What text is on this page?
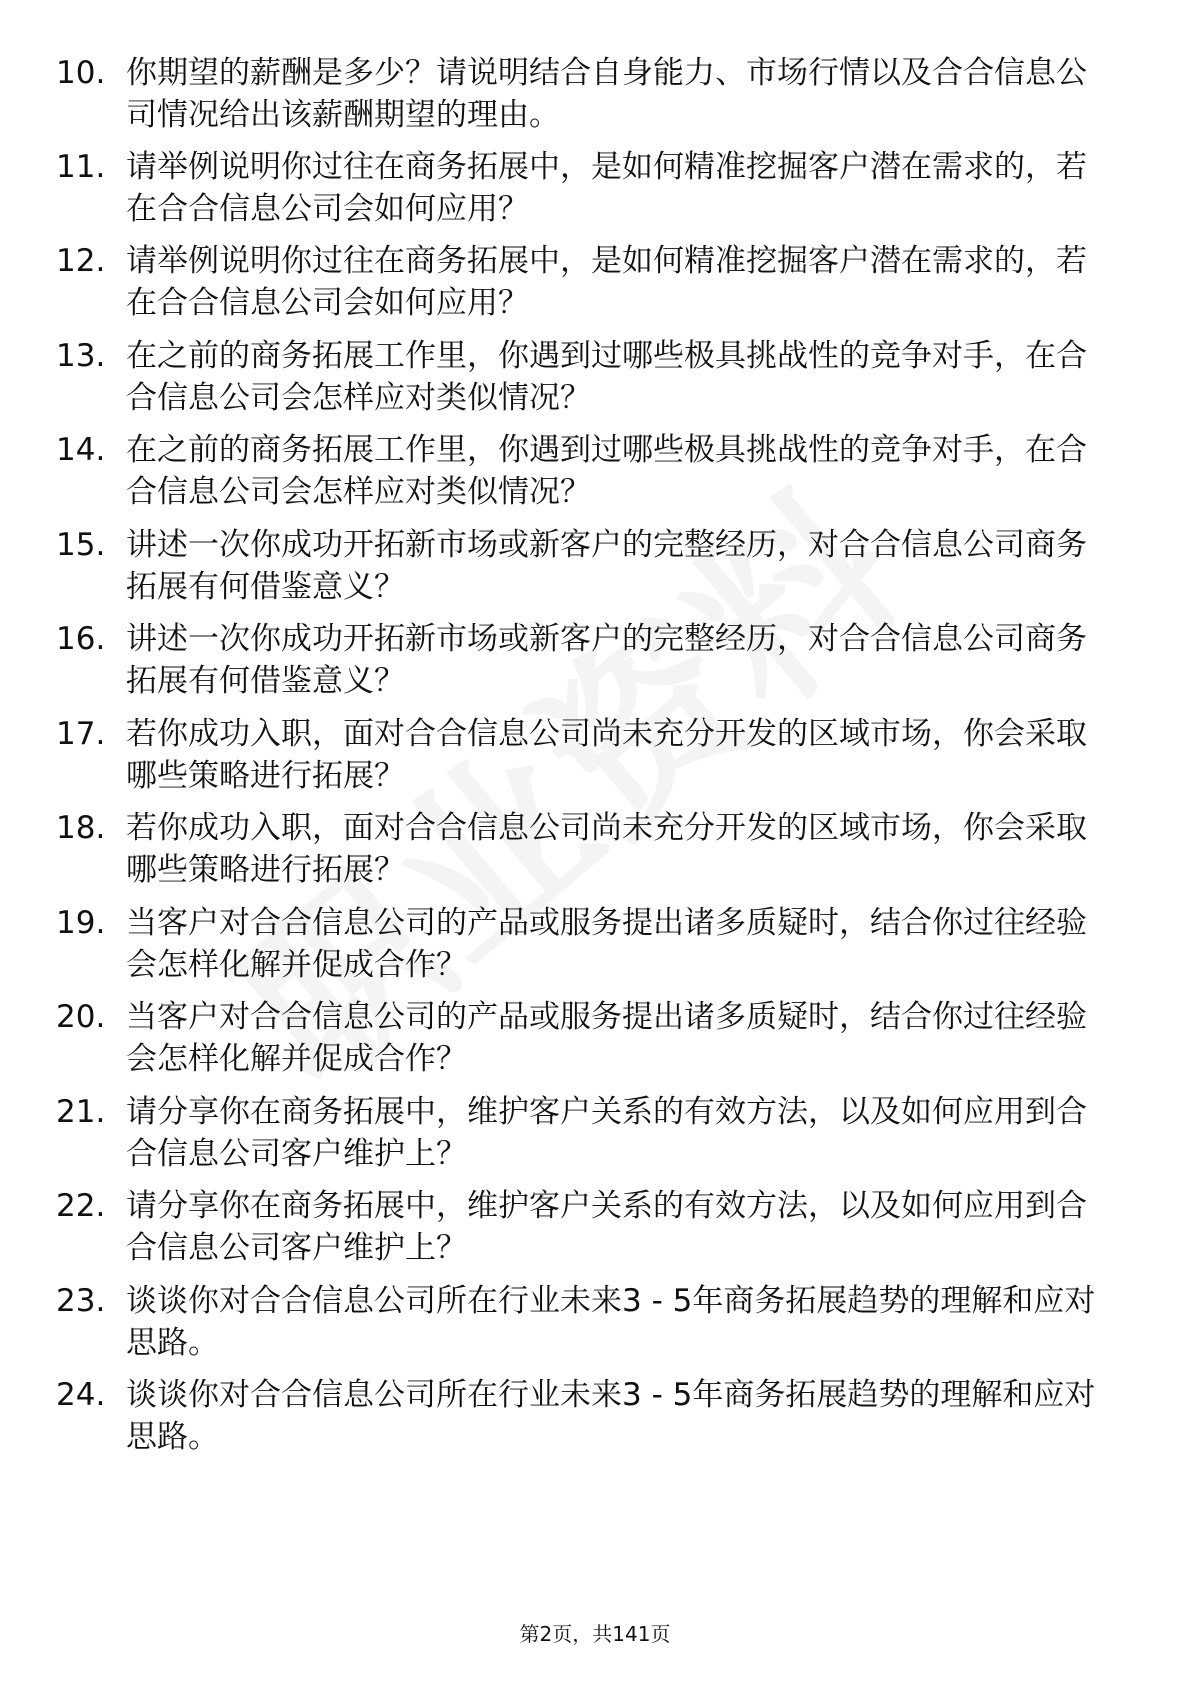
10. 你期望的薪酬是多少？请说明结合自身能力、市场行情以及合合信息公司情况给出该薪酬期望的理由。
11. 请举例说明你过往在商务拓展中，是如何精准挖掘客户潜在需求的，若在合合信息公司会如何应用？
12. 请举例说明你过往在商务拓展中，是如何精准挖掘客户潜在需求的，若在合合信息公司会如何应用？
13. 在之前的商务拓展工作里，你遇到过哪些极具挑战性的竞争对手，在合合信息公司会怎样应对类似情况？
14. 在之前的商务拓展工作里，你遇到过哪些极具挑战性的竞争对手，在合合信息公司会怎样应对类似情况？
15. 讲述一次你成功开拓新市场或新客户的完整经历，对合合信息公司商务拓展有何借鉴意义？
16. 讲述一次你成功开拓新市场或新客户的完整经历，对合合信息公司商务拓展有何借鉴意义？
17. 若你成功入职，面对合合信息公司尚未充分开发的区域市场，你会采取哪些策略进行拓展？
18. 若你成功入职，面对合合信息公司尚未充分开发的区域市场，你会采取哪些策略进行拓展？
19. 当客户对合合信息公司的产品或服务提出诸多质疑时，结合你过往经验会怎样化解并促成合作？
20. 当客户对合合信息公司的产品或服务提出诸多质疑时，结合你过往经验会怎样化解并促成合作？
21. 请分享你在商务拓展中，维护客户关系的有效方法，以及如何应用到合合信息公司客户维护上？
22. 请分享你在商务拓展中，维护客户关系的有效方法，以及如何应用到合合信息公司客户维护上？
23. 谈谈你对合合信息公司所在行业未来3 - 5年商务拓展趋势的理解和应对思路。
24. 谈谈你对合合信息公司所在行业未来3 - 5年商务拓展趋势的理解和应对思路。
第2页，共141页
